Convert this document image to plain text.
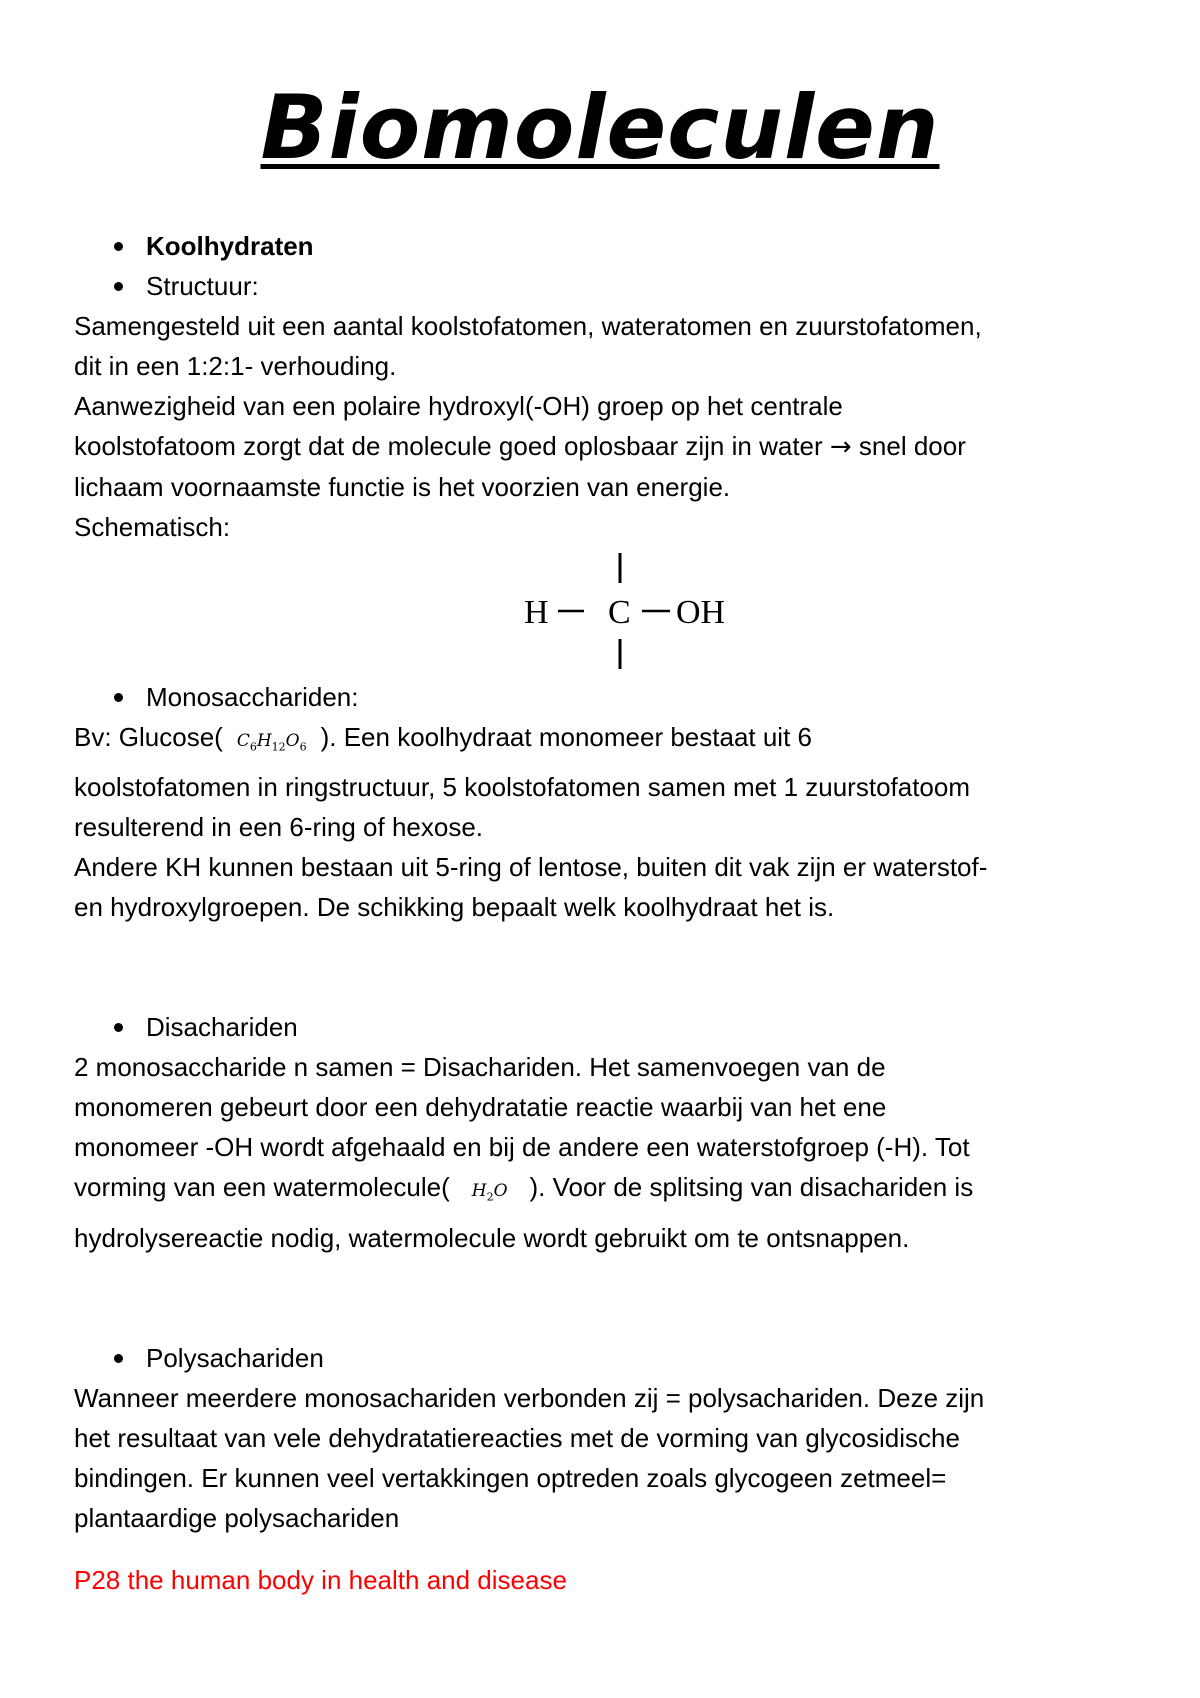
Biomoleculen
Koolhydraten
Structuur:

Samengesteld uit een aantal koolstofatomen, wateratomen en zuurstofatomen,

dit in een 1:2:1- verhouding.

Aanwezigheid van een polaire hydroxyl(-OH) groep op het centrale

koolstofatoom zorgt dat de molecule goed oplosbaar zijn in water → snel door

lichaam voornaamste functie is het voorzien van energie.

Schematisch:

H C OH
Monosacchariden:

Bv: Glucose( $C_6H_{12}O_6$ ). Een koolhydraat monomeer bestaat uit 6

koolstofatomen in ringstructuur, 5 koolstofatomen samen met 1 zuurstofatoom

resulterend in een 6-ring of hexose.

Andere KH kunnen bestaan uit 5-ring of lentose, buiten dit vak zijn er waterstof-

en hydroxylgroepen. De schikking bepaalt welk koolhydraat het is.

Disachariden

2 monosaccharide n samen = Disachariden. Het samenvoegen van de

monomeren gebeurt door een dehydratatie reactie waarbij van het ene

monomeer -OH wordt afgehaald en bij de andere een waterstofgroep (-H). Tot

vorming van een watermolecule( $H_2O$ ). Voor de splitsing van disachariden is

hydrolysereactie nodig, watermolecule wordt gebruikt om te ontsnappen.

Polysachariden

Wanneer meerdere monosachariden verbonden zij = polysachariden. Deze zijn

het resultaat van vele dehydratatiereacties met de vorming van glycosidische

bindingen. Er kunnen veel vertakkingen optreden zoals glycogeen zetmeel=

plantaardige polysachariden

P28 the human body in health and disease
